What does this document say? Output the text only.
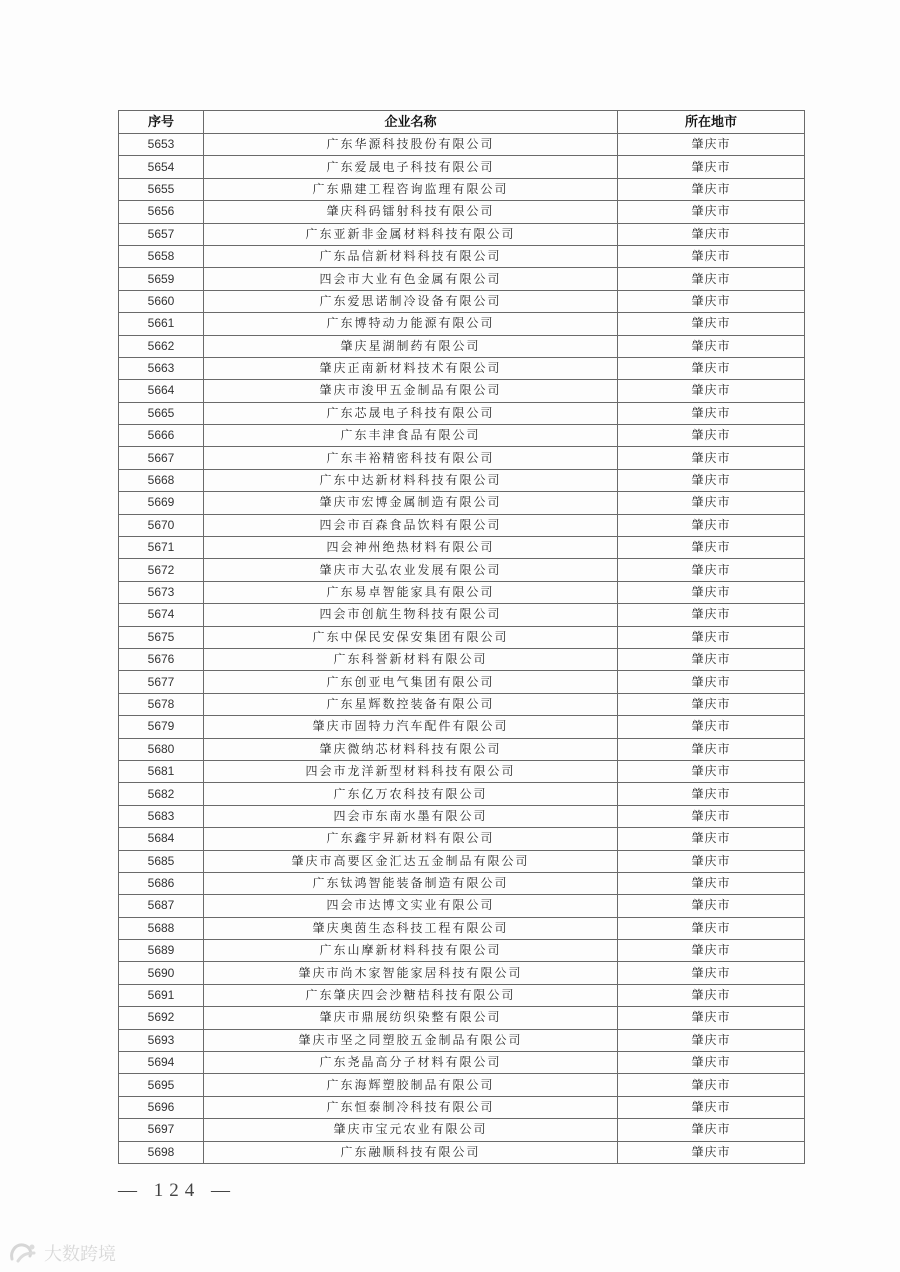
序号	企业名称	所在地市
5653	广东华源科技股份有限公司	肇庆市
5654	广东爱晟电子科技有限公司	肇庆市
5655	广东鼎建工程咨询监理有限公司	肇庆市
5656	肇庆科码镭射科技有限公司	肇庆市
5657	广东亚新非金属材料科技有限公司	肇庆市
5658	广东品信新材料科技有限公司	肇庆市
5659	四会市大业有色金属有限公司	肇庆市
5660	广东爱思诺制冷设备有限公司	肇庆市
5661	广东博特动力能源有限公司	肇庆市
5662	肇庆星湖制药有限公司	肇庆市
5663	肇庆正南新材料技术有限公司	肇庆市
5664	肇庆市浚甲五金制品有限公司	肇庆市
5665	广东芯晟电子科技有限公司	肇庆市
5666	广东丰津食品有限公司	肇庆市
5667	广东丰裕精密科技有限公司	肇庆市
5668	广东中达新材料科技有限公司	肇庆市
5669	肇庆市宏博金属制造有限公司	肇庆市
5670	四会市百森食品饮料有限公司	肇庆市
5671	四会神州绝热材料有限公司	肇庆市
5672	肇庆市大弘农业发展有限公司	肇庆市
5673	广东易卓智能家具有限公司	肇庆市
5674	四会市创航生物科技有限公司	肇庆市
5675	广东中保民安保安集团有限公司	肇庆市
5676	广东科誉新材料有限公司	肇庆市
5677	广东创亚电气集团有限公司	肇庆市
5678	广东星辉数控装备有限公司	肇庆市
5679	肇庆市固特力汽车配件有限公司	肇庆市
5680	肇庆微纳芯材料科技有限公司	肇庆市
5681	四会市龙洋新型材料科技有限公司	肇庆市
5682	广东亿万农科技有限公司	肇庆市
5683	四会市东南水墨有限公司	肇庆市
5684	广东鑫宇昇新材料有限公司	肇庆市
5685	肇庆市高要区金汇达五金制品有限公司	肇庆市
5686	广东钛鸿智能装备制造有限公司	肇庆市
5687	四会市达博文实业有限公司	肇庆市
5688	肇庆奥茵生态科技工程有限公司	肇庆市
5689	广东山摩新材料科技有限公司	肇庆市
5690	肇庆市尚木家智能家居科技有限公司	肇庆市
5691	广东肇庆四会沙糖桔科技有限公司	肇庆市
5692	肇庆市鼎展纺织染整有限公司	肇庆市
5693	肇庆市坚之同塑胶五金制品有限公司	肇庆市
5694	广东尧晶高分子材料有限公司	肇庆市
5695	广东海辉塑胶制品有限公司	肇庆市
5696	广东恒泰制冷科技有限公司	肇庆市
5697	肇庆市宝元农业有限公司	肇庆市
5698	广东融顺科技有限公司	肇庆市
— 124 —
大数跨境
